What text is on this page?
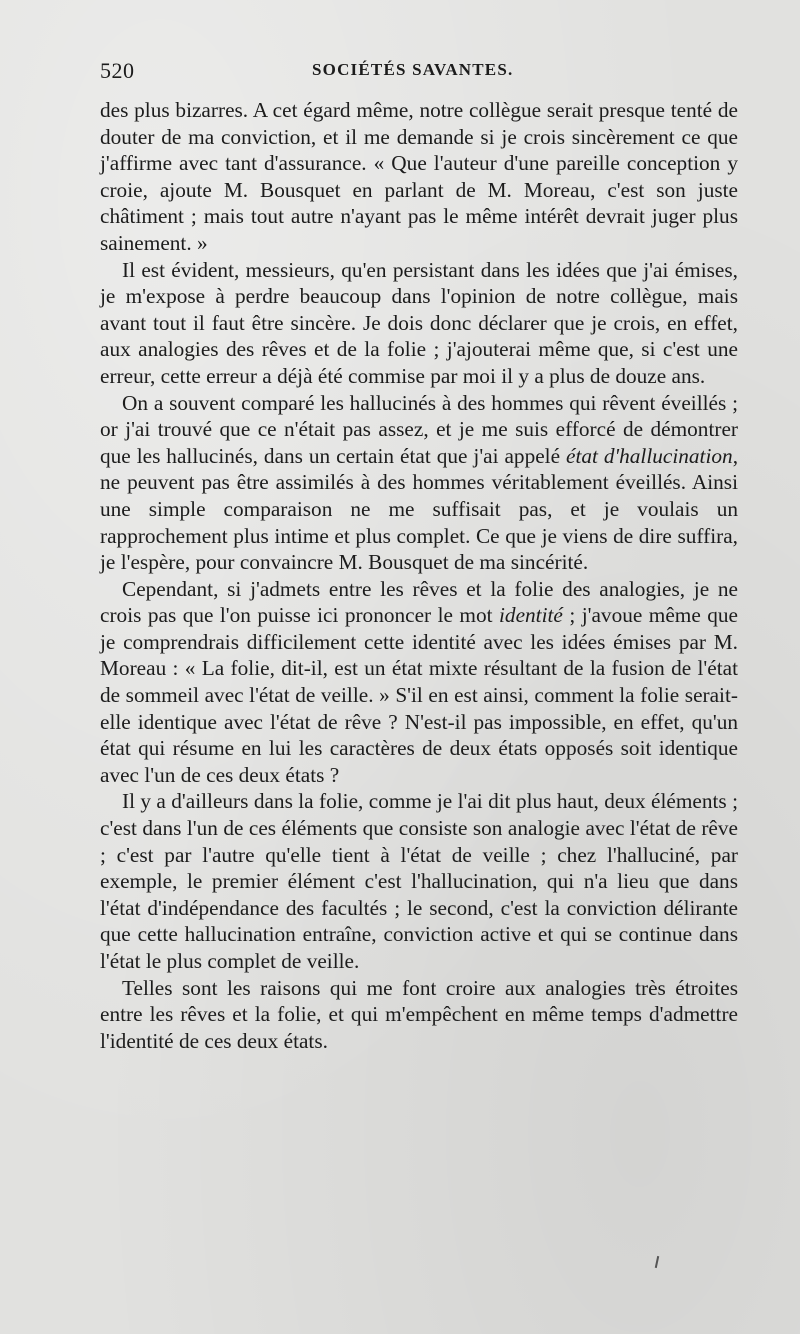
520	SOCIÉTÉS SAVANTES.

des plus bizarres. A cet égard même, notre collègue serait presque tenté de douter de ma conviction, et il me demande si je crois sincèrement ce que j'affirme avec tant d'assurance. « Que l'auteur d'une pareille conception y croie, ajoute M. Bousquet en parlant de M. Moreau, c'est son juste châtiment ; mais tout autre n'ayant pas le même intérêt devrait juger plus sainement. »

Il est évident, messieurs, qu'en persistant dans les idées que j'ai émises, je m'expose à perdre beaucoup dans l'opinion de notre collègue, mais avant tout il faut être sincère. Je dois donc déclarer que je crois, en effet, aux analogies des rêves et de la folie ; j'ajouterai même que, si c'est une erreur, cette erreur a déjà été commise par moi il y a plus de douze ans.

On a souvent comparé les hallucinés à des hommes qui rêvent éveillés ; or j'ai trouvé que ce n'était pas assez, et je me suis efforcé de démontrer que les hallucinés, dans un certain état que j'ai appelé état d'hallucination, ne peuvent pas être assimilés à des hommes véritablement éveillés. Ainsi une simple comparaison ne me suffisait pas, et je voulais un rapprochement plus intime et plus complet. Ce que je viens de dire suffira, je l'espère, pour convaincre M. Bousquet de ma sincérité.

Cependant, si j'admets entre les rêves et la folie des analogies, je ne crois pas que l'on puisse ici prononcer le mot identité ; j'avoue même que je comprendrais difficilement cette identité avec les idées émises par M. Moreau : « La folie, dit-il, est un état mixte résultant de la fusion de l'état de sommeil avec l'état de veille. » S'il en est ainsi, comment la folie serait-elle identique avec l'état de rêve ? N'est-il pas impossible, en effet, qu'un état qui résume en lui les caractères de deux états opposés soit identique avec l'un de ces deux états ?

Il y a d'ailleurs dans la folie, comme je l'ai dit plus haut, deux éléments ; c'est dans l'un de ces éléments que consiste son analogie avec l'état de rêve ; c'est par l'autre qu'elle tient à l'état de veille ; chez l'halluciné, par exemple, le premier élément c'est l'hallucination, qui n'a lieu que dans l'état d'indépendance des facultés ; le second, c'est la conviction délirante que cette hallucination entraîne, conviction active et qui se continue dans l'état le plus complet de veille.

Telles sont les raisons qui me font croire aux analogies très étroites entre les rêves et la folie, et qui m'empêchent en même temps d'admettre l'identité de ces deux états.
